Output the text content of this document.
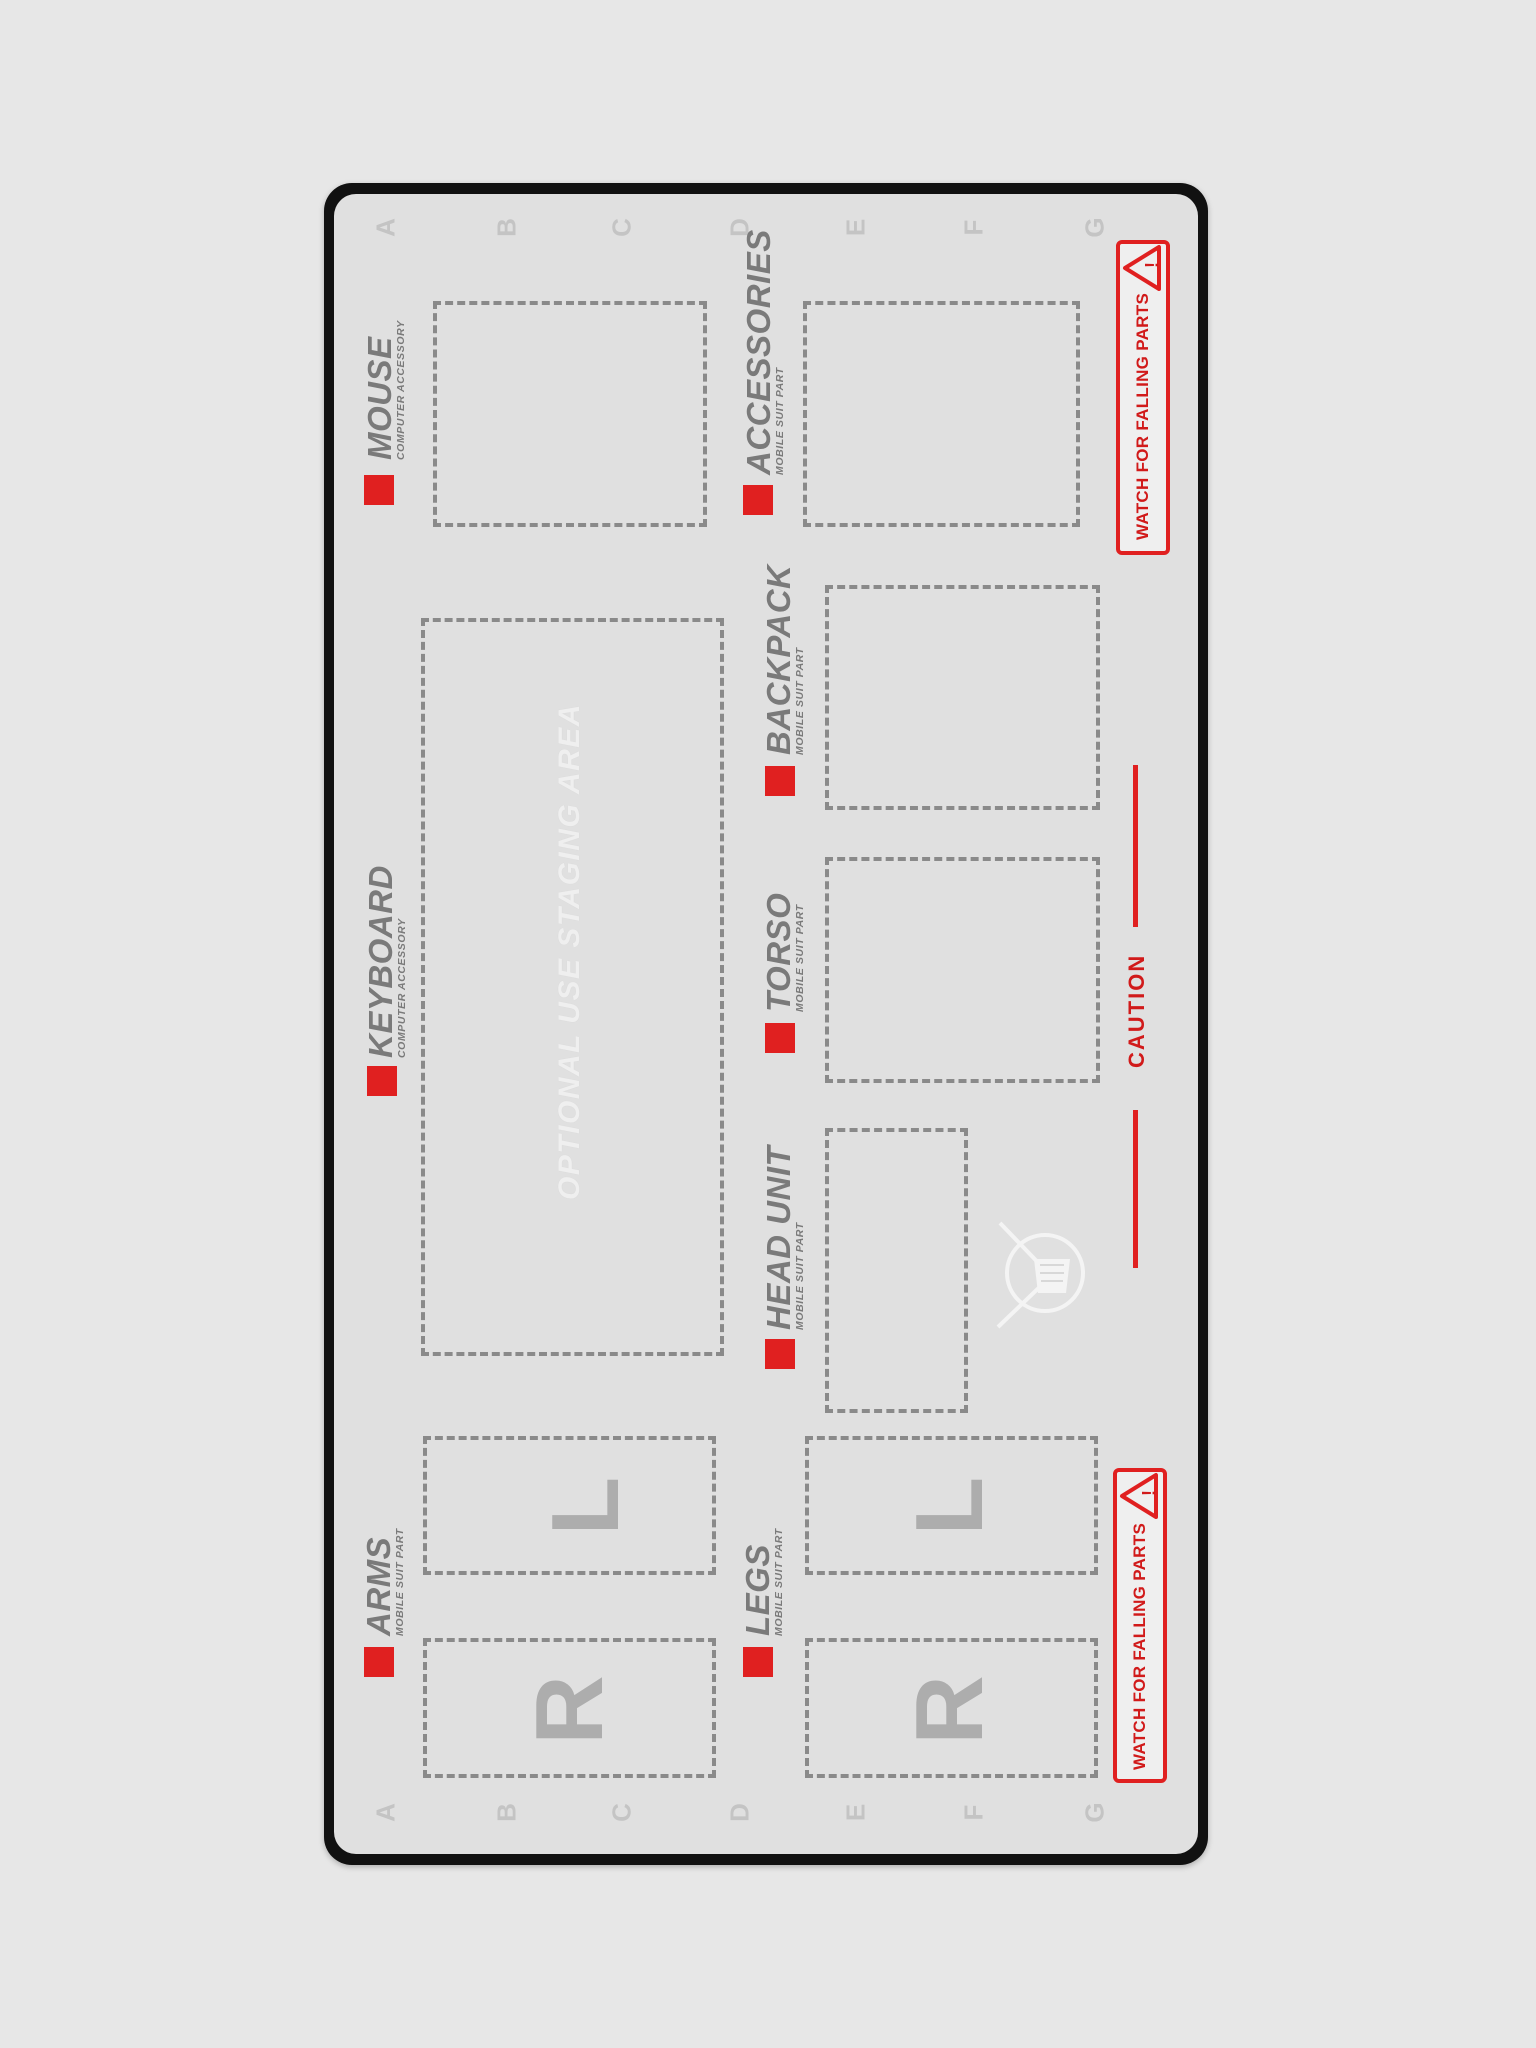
A	B	C	D	E	F	G
A	B	C	D	E	F	G
MOUSE
COMPUTER ACCESSORY	ACCESSORIES
MOBILE SUIT PART
BACKPACK
MOBILE SUIT PART
TORSO
MOBILE SUIT PART
KEYBOARD
COMPUTER ACCESSORY	OPTIONAL USE STAGING AREA
HEAD UNIT
MOBILE SUIT PART
ARMS
MOBILE SUIT PART
L
R
LEGS
MOBILE SUIT PART
L
R
!
WATCH FOR FALLING PARTS
!
WATCH FOR FALLING PARTS
CAUTION
